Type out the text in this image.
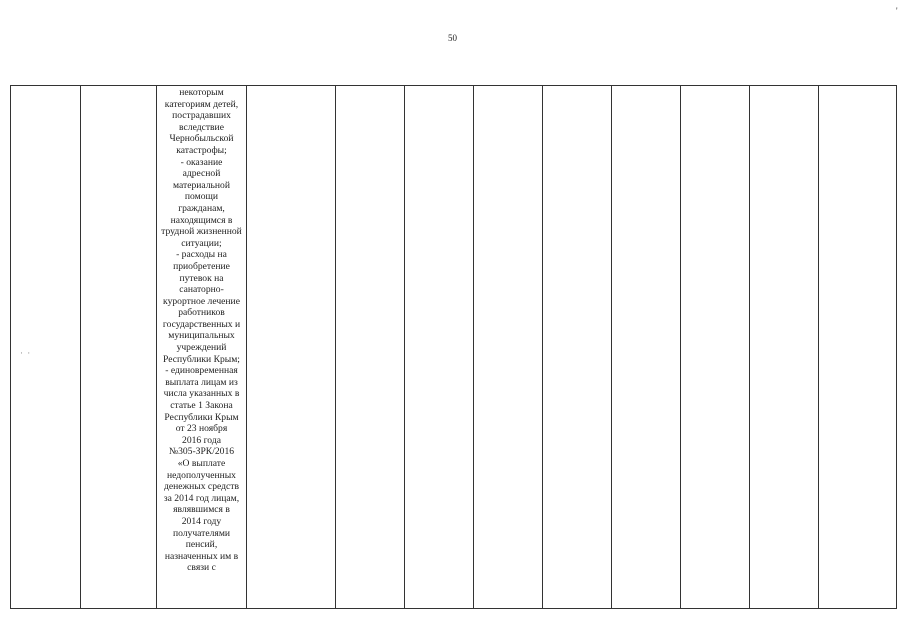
50
'
· ·
		некоторым
категориям детей,
пострадавших
вследствие
Чернобыльской
катастрофы;
- оказание
адресной
материальной
помощи
гражданам,
находящимся в
трудной жизненной
ситуации;
- расходы на
приобретение
путевок на
санаторно-
курортное лечение
работников
государственных и
муниципальных
учреждений
Республики Крым;
- единовременная
выплата лицам из
числа указанных в
статье 1 Закона
Республики Крым
от 23 ноября
2016 года
№305-ЗРК/2016
«О выплате
недополученных
денежных средств
за 2014 год лицам,
являвшимся в
2014 году
получателями
пенсий,
назначенных им в
связи с									
